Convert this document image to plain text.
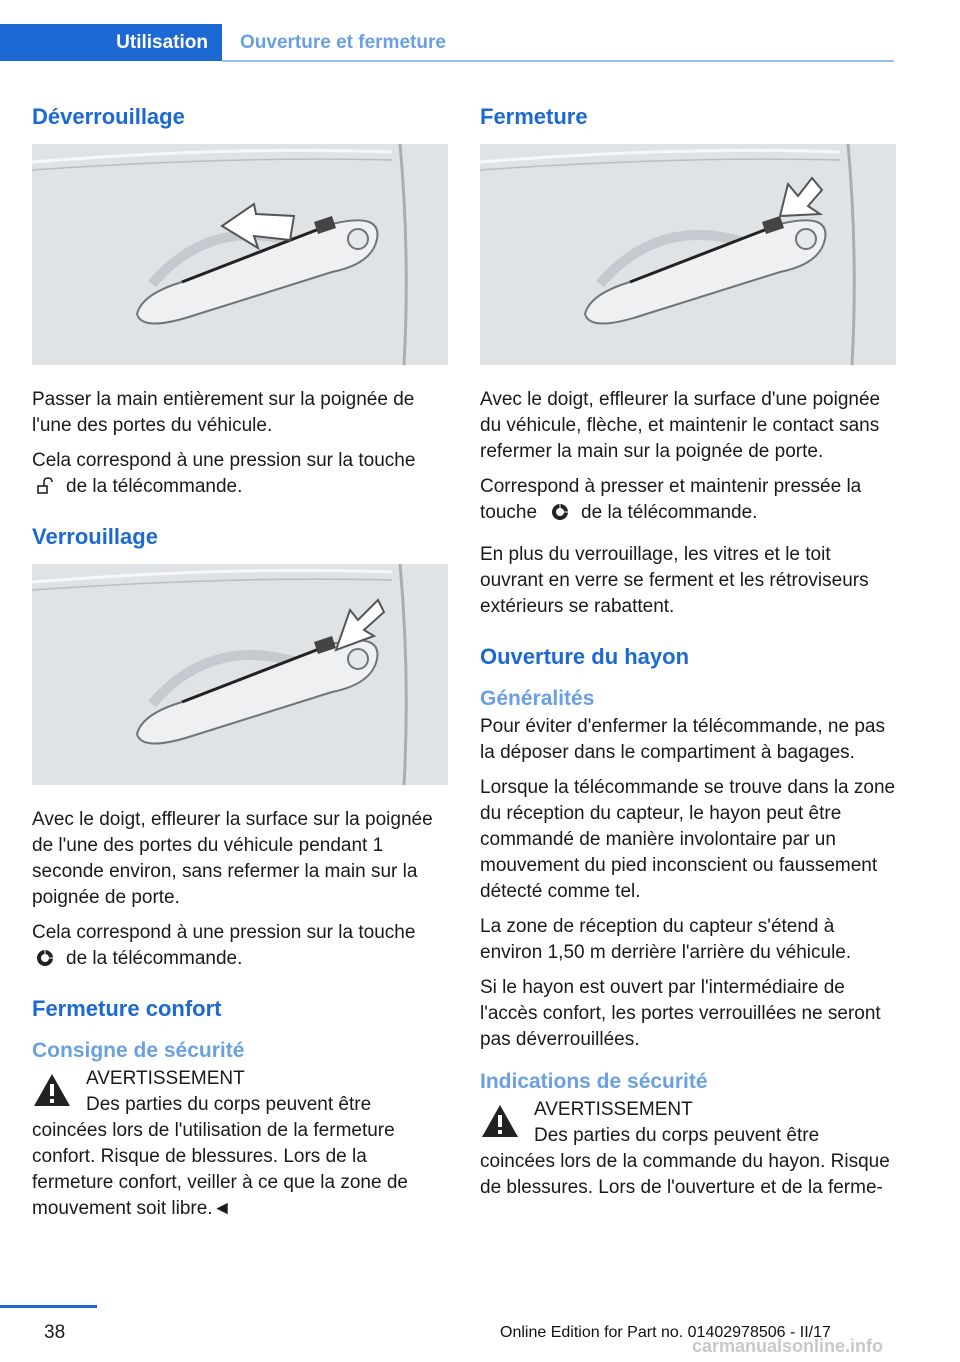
Utilisation	Ouverture et fermeture
Déverrouillage

Passer la main entièrement sur la poignée de l'une des portes du véhicule.

Cela correspond à une pression sur la touche
de la télécommande.

Verrouillage

Avec le doigt, effleurer la surface sur la poignée de l'une des portes du véhicule pendant 1 seconde environ, sans refermer la main sur la poignée de porte.

Cela correspond à une pression sur la touche
de la télécommande.

Fermeture confort
Consigne de sécurité
AVERTISSEMENT

Des parties du corps peuvent être coincées lors de l'utilisation de la fermeture confort. Risque de blessures. Lors de la fermeture confort, veiller à ce que la zone de mouvement soit libre.◄

Fermeture

Avec le doigt, effleurer la surface d'une poignée du véhicule, flèche, et maintenir le contact sans refermer la main sur la poignée de porte.

Correspond à presser et maintenir pressée la touche de la télécommande.

En plus du verrouillage, les vitres et le toit ouvrant en verre se ferment et les rétroviseurs extérieurs se rabattent.

Ouverture du hayon
Généralités

Pour éviter d'enfermer la télécommande, ne pas la déposer dans le compartiment à bagages.

Lorsque la télécommande se trouve dans la zone du réception du capteur, le hayon peut être commandé de manière involontaire par un mouvement du pied inconscient ou faussement détecté comme tel.

La zone de réception du capteur s'étend à environ 1,50 m derrière l'arrière du véhicule.

Si le hayon est ouvert par l'intermédiaire de l'accès confort, les portes verrouillées ne seront pas déverrouillées.

Indications de sécurité
AVERTISSEMENT

Des parties du corps peuvent être coincées lors de la commande du hayon. Risque de blessures. Lors de l'ouverture et de la ferme-

38	Online Edition for Part no. 01402978506 - II/17
carmanualsonline.info
